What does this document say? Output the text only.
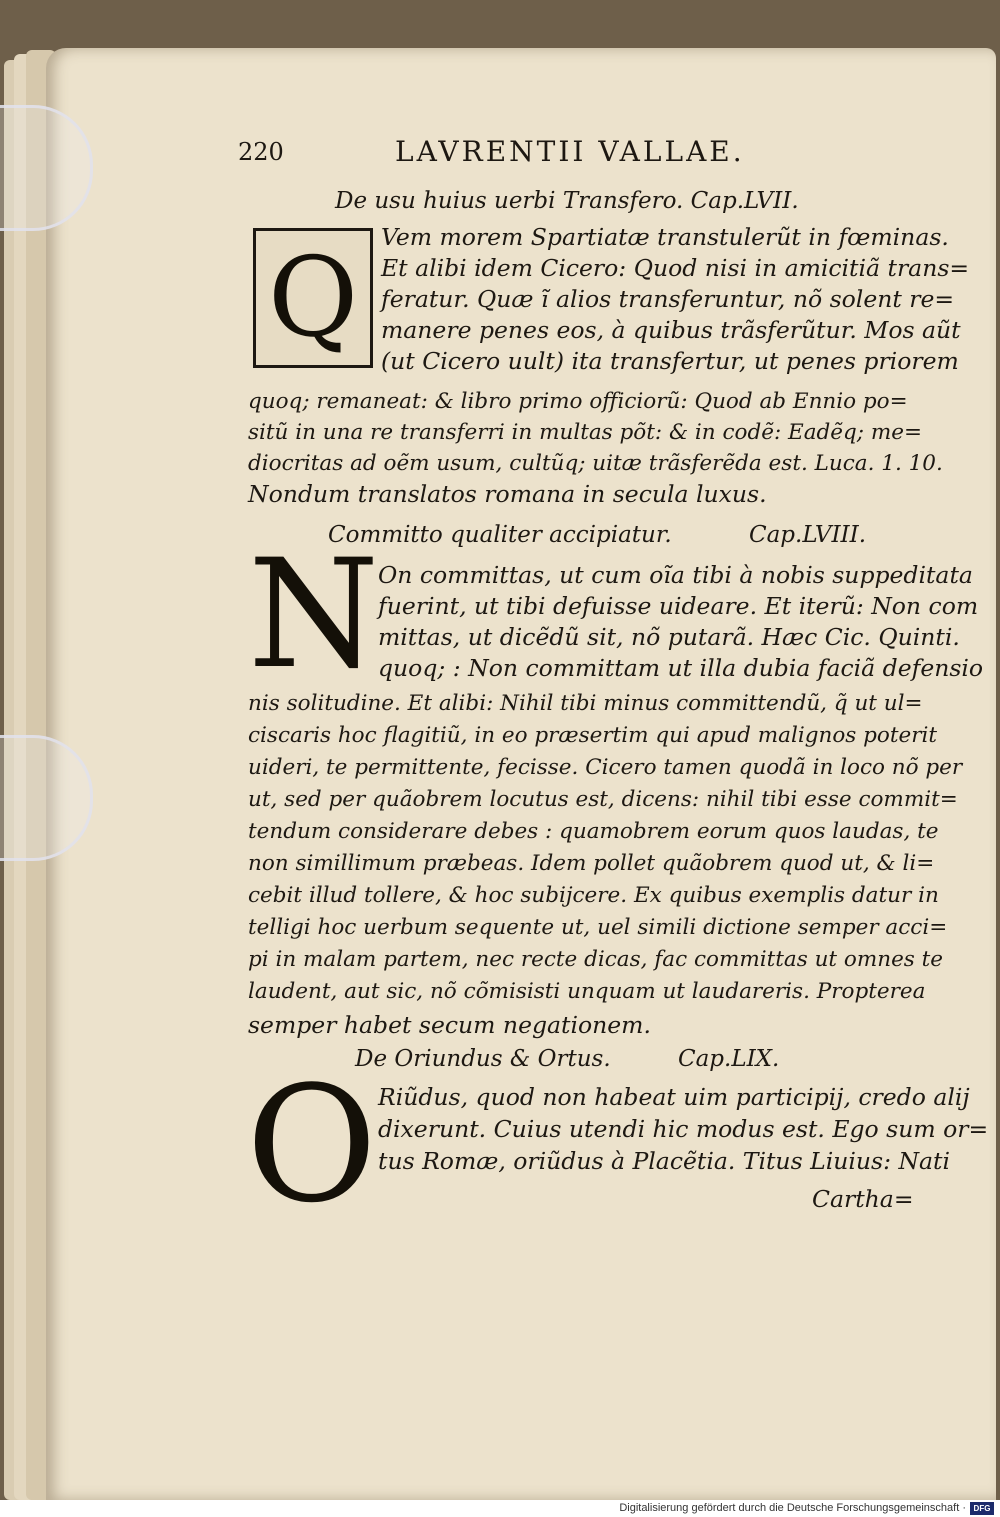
220	LAVRENTII VALLAE.
De usu huius uerbi Transfero. Cap.LVII.
Q Vem morem Spartiatæ transtulerũt in fœminas.
Et alibi idem Cicero: Quod nisi in amicitiã trans=
feratur. Quæ ĩ alios transferuntur, nõ solent re=
manere penes eos, à quibus trãsferũtur. Mos aũt
(ut Cicero uult) ita transfertur, ut penes priorem
quoq; remaneat: & libro primo officiorũ: Quod ab Ennio po=
sitũ in una re transferri in multas põt: & in codẽ: Eadẽq; me=
diocritas ad oẽm usum, cultũq; uitæ trãsferẽda est. Luca. 1. 10.
Nondum translatos romana in secula luxus.
Committo qualiter accipiatur.	Cap.LVIII.
N
On committas, ut cum oĩa tibi à nobis suppeditata
fuerint, ut tibi defuisse uideare. Et iterũ: Non com
mittas, ut dicẽdũ sit, nõ putarã. Hæc Cic. Quinti.
quoq; : Non committam ut illa dubia faciã defensio
nis solitudine. Et alibi: Nihil tibi minus committendũ, q̃ ut ul=
ciscaris hoc flagitiũ, in eo præsertim qui apud malignos poterit
uideri, te permittente, fecisse. Cicero tamen quodã in loco nõ per
ut, sed per quãobrem locutus est, dicens: nihil tibi esse commit=
tendum considerare debes : quamobrem eorum quos laudas, te
non simillimum præbeas. Idem pollet quãobrem quod ut, & li=
cebit illud tollere, & hoc subijcere. Ex quibus exemplis datur in
telligi hoc uerbum sequente ut, uel simili dictione semper acci=
pi in malam partem, nec recte dicas, fac committas ut omnes te
laudent, aut sic, nõ cõmisisti unquam ut laudareris. Propterea
semper habet secum negationem.
De Oriundus & Ortus.	Cap.LIX.
O Riũdus, quod non habeat uim participij, credo alij
dixerunt. Cuius utendi hic modus est. Ego sum or=
tus Romæ, oriũdus à Placẽtia. Titus Liuius: Nati
Cartha=
Digitalisierung gefördert durch die Deutsche Forschungsgemeinschaft · DFG
